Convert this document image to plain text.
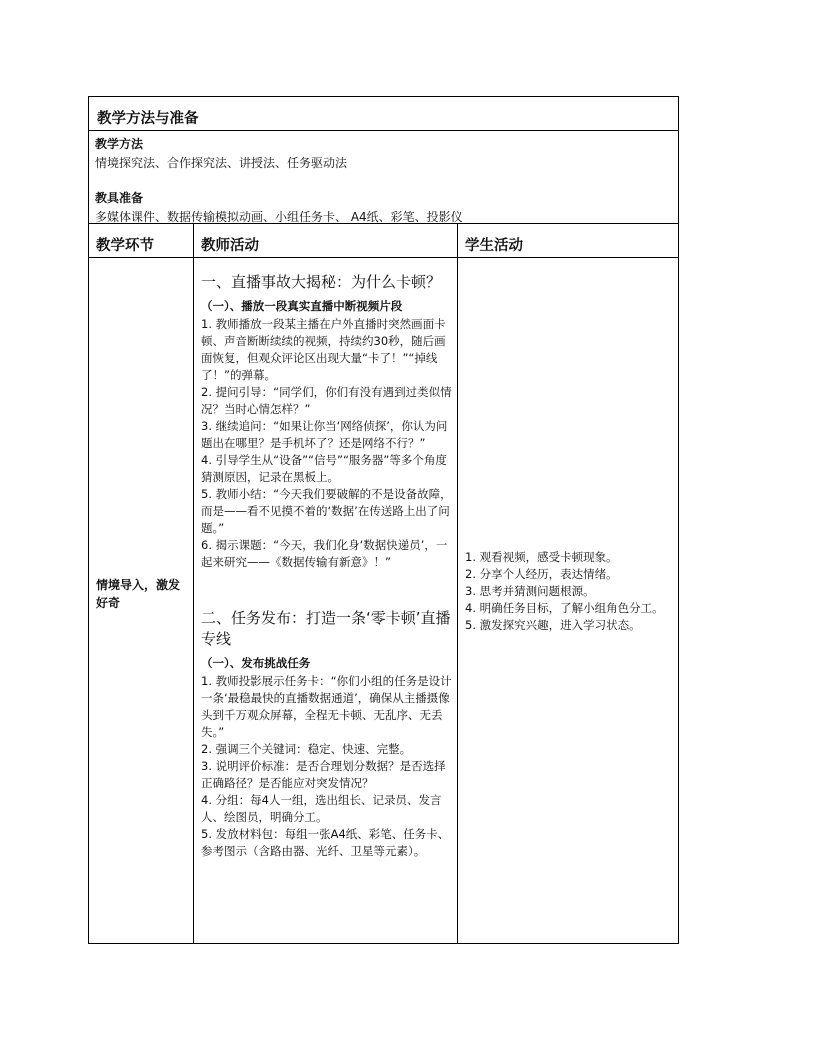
教学方法与准备
教学方法
情境探究法、合作探究法、讲授法、任务驱动法
教具准备
多媒体课件、数据传输模拟动画、小组任务卡、 A4纸、彩笔、投影仪
教学环节	教师活动	学生活动
情境导入，激发好奇
一、直播事故大揭秘：为什么卡顿？
（一）、播放一段真实直播中断视频片段

1. 教师播放一段某主播在户外直播时突然画面卡顿、声音断断续续的视频，持续约30秒，随后画面恢复，但观众评论区出现大量“卡了！”“掉线了！”的弹幕。

2. 提问引导：“同学们，你们有没有遇到过类似情况？当时心情怎样？”

3. 继续追问：“如果让你当‘网络侦探’，你认为问题出在哪里？是手机坏了？还是网络不行？”

4. 引导学生从“设备”“信号”“服务器”等多个角度猜测原因，记录在黑板上。

5. 教师小结：“今天我们要破解的不是设备故障，而是——看不见摸不着的‘数据’在传送路上出了问题。”

6. 揭示课题：“今天，我们化身‘数据快递员’，一起来研究——《数据传输有新意》！”

二、任务发布：打造一条‘零卡顿’直播专线
（一）、发布挑战任务

1. 教师投影展示任务卡：“你们小组的任务是设计一条‘最稳最快的直播数据通道’，确保从主播摄像头到千万观众屏幕，全程无卡顿、无乱序、无丢失。”

2. 强调三个关键词：稳定、快速、完整。

3. 说明评价标准：是否合理划分数据？是否选择正确路径？是否能应对突发情况？

4. 分组：每4人一组，选出组长、记录员、发言人、绘图员，明确分工。

5. 发放材料包：每组一张A4纸、彩笔、任务卡、参考图示（含路由器、光纤、卫星等元素）。

1. 观看视频，感受卡顿现象。
2. 分享个人经历，表达情绪。
3. 思考并猜测问题根源。
4. 明确任务目标，了解小组角色分工。
5. 激发探究兴趣，进入学习状态。
